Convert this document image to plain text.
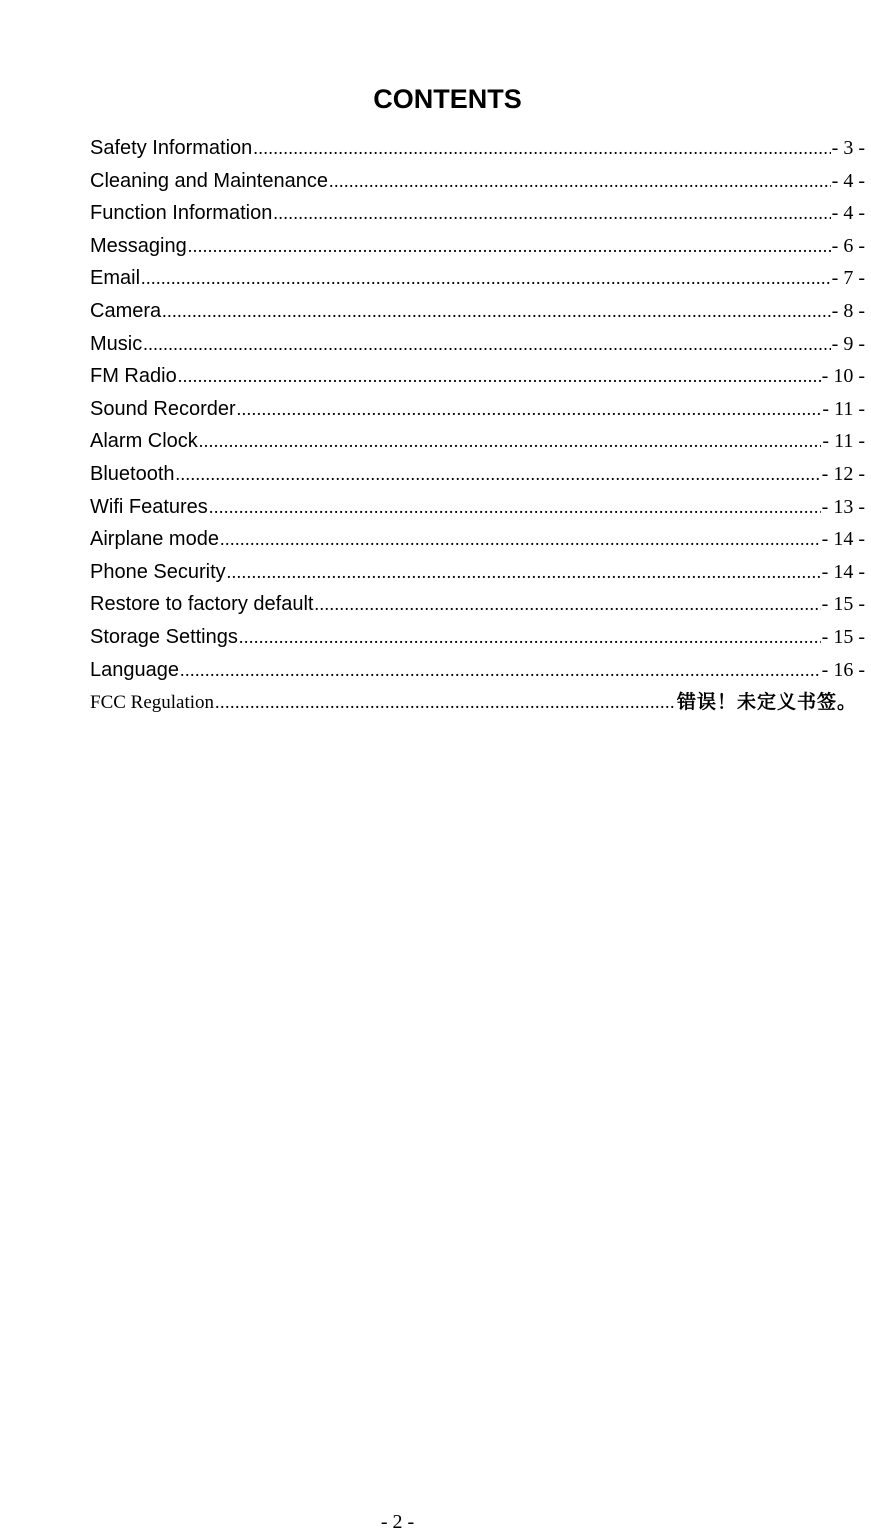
CONTENTS
Safety Information .....	- 3 -
Cleaning and Maintenance .....	- 4 -
Function Information .....	- 4 -
Messaging .....	- 6 -
Email .....	- 7 -
Camera .....	- 8 -
Music .....	- 9 -
FM Radio .....	- 10 -
Sound Recorder .....	- 11 -
Alarm Clock .....	- 11 -
Bluetooth .....	- 12 -
Wifi Features .....	- 13 -
Airplane mode .....	- 14 -
Phone Security .....	- 14 -
Restore to factory default .....	- 15 -
Storage Settings .....	- 15 -
Language .....	- 16 -
FCC Regulation .....	错误！未定义书签。

- 2 -
